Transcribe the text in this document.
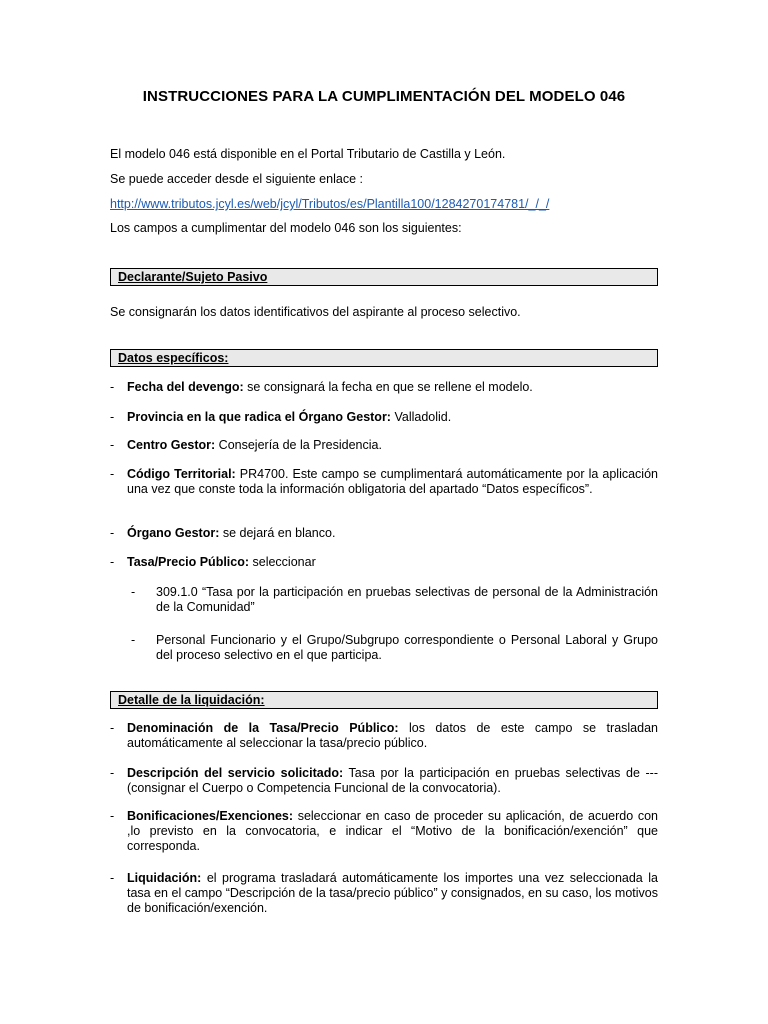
INSTRUCCIONES PARA LA CUMPLIMENTACIÓN DEL MODELO 046
El modelo 046 está disponible en el Portal Tributario de Castilla y León.
Se puede acceder desde el siguiente enlace :
http://www.tributos.jcyl.es/web/jcyl/Tributos/es/Plantilla100/1284270174781/_/_/
Los campos a cumplimentar del modelo 046 son los siguientes:
Declarante/Sujeto Pasivo
Se consignarán los datos identificativos del aspirante al proceso selectivo.
Datos específicos:
- Fecha del devengo: se consignará la fecha en que se rellene el modelo.
- Provincia en la que radica el Órgano Gestor: Valladolid.
- Centro Gestor: Consejería de la Presidencia.
- Código Territorial: PR4700. Este campo se cumplimentará automáticamente por la aplicación una vez que conste toda la información obligatoria del apartado “Datos específicos”.
- Órgano Gestor: se dejará en blanco.
- Tasa/Precio Público: seleccionar
- 309.1.0 “Tasa por la participación en pruebas selectivas de personal de la Administración de la Comunidad”
- Personal Funcionario y el Grupo/Subgrupo correspondiente o Personal Laboral y Grupo del proceso selectivo en el que participa.
Detalle de la liquidación:
- Denominación de la Tasa/Precio Público: los datos de este campo se trasladan automáticamente al seleccionar la tasa/precio público.
- Descripción del servicio solicitado: Tasa por la participación en pruebas selectivas de --- (consignar el Cuerpo o Competencia Funcional de la convocatoria).
- Bonificaciones/Exenciones: seleccionar en caso de proceder su aplicación, de acuerdo con ,lo previsto en la convocatoria, e indicar el “Motivo de la bonificación/exención” que corresponda.
- Liquidación: el programa trasladará automáticamente los importes una vez seleccionada la tasa en el campo “Descripción de la tasa/precio público” y consignados, en su caso, los motivos de bonificación/exención.
